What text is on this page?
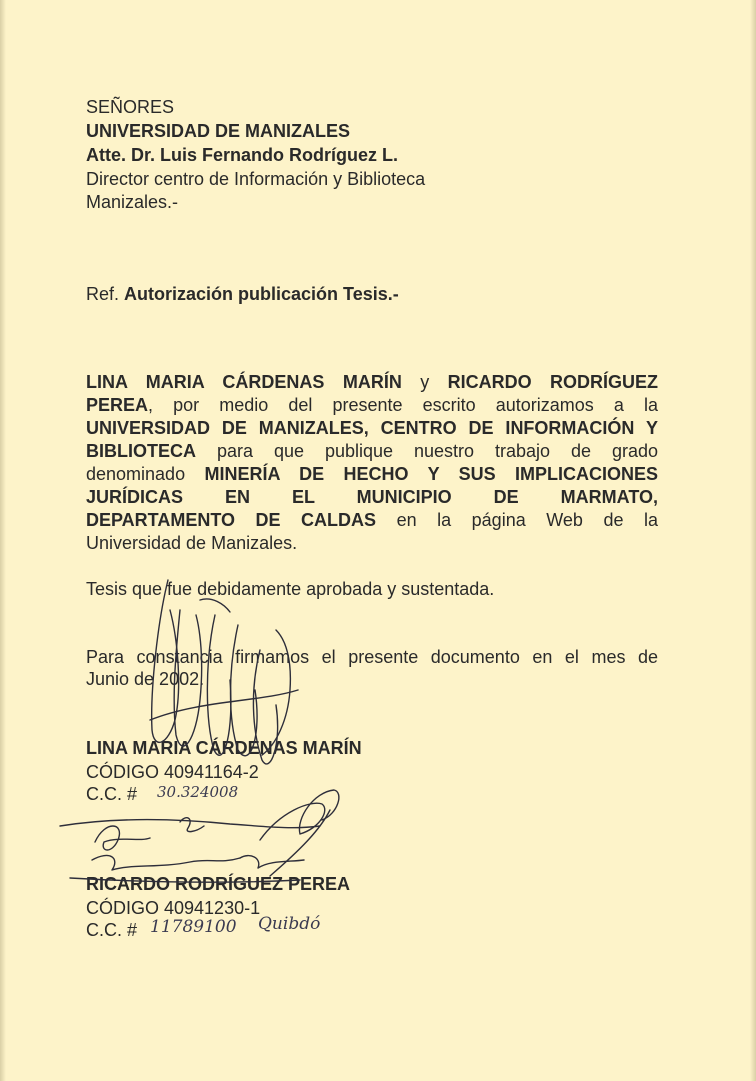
SEÑORES
UNIVERSIDAD DE MANIZALES
Atte. Dr. Luis Fernando Rodríguez L.
Director centro de Información y Biblioteca
Manizales.-
Ref. Autorización publicación Tesis.-
LINA MARIA CÁRDENAS MARÍN y RICARDO RODRÍGUEZ
PEREA, por medio del presente escrito autorizamos a la
UNIVERSIDAD DE MANIZALES, CENTRO DE INFORMACIÓN Y
BIBLIOTECA para que publique nuestro trabajo de grado
denominado MINERÍA DE HECHO Y SUS IMPLICACIONES
JURÍDICAS EN EL MUNICIPIO DE MARMATO,
DEPARTAMENTO DE CALDAS en la página Web de la
Universidad de Manizales.
Tesis que fue debidamente aprobada y sustentada.
Para constancia firmamos el presente documento en el mes de
Junio de 2002.
LINA MARIA CÁRDENAS MARÍN
CÓDIGO 40941164-2
C.C. # 30.324008
RICARDO RODRÍGUEZ PEREA
CÓDIGO 40941230-1
C.C. # 11789100 Quibdó
